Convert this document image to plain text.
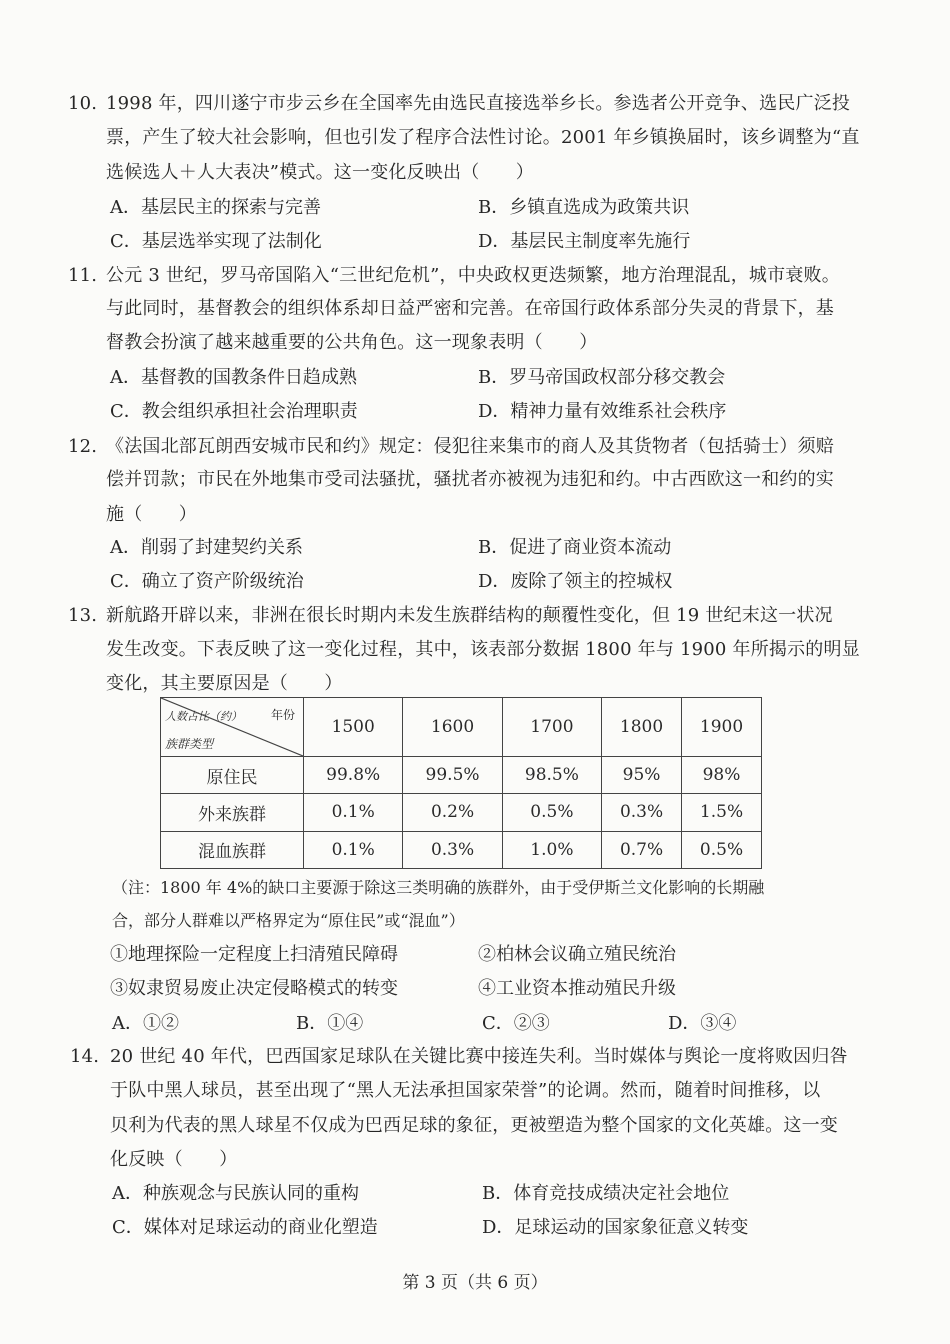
10. 1998 年，四川遂宁市步云乡在全国率先由选民直接选举乡长。参选者公开竞争、选民广泛投
票，产生了较大社会影响，但也引发了程序合法性讨论。2001 年乡镇换届时，该乡调整为“直
选候选人＋人大表决”模式。这一变化反映出（　　）
A．基层民主的探索与完善	B．乡镇直选成为政策共识
C．基层选举实现了法制化	D．基层民主制度率先施行
11. 公元 3 世纪，罗马帝国陷入“三世纪危机”，中央政权更迭频繁，地方治理混乱，城市衰败。
与此同时，基督教会的组织体系却日益严密和完善。在帝国行政体系部分失灵的背景下，基
督教会扮演了越来越重要的公共角色。这一现象表明（　　）
A．基督教的国教条件日趋成熟	B．罗马帝国政权部分移交教会
C．教会组织承担社会治理职责	D．精神力量有效维系社会秩序
12. 《法国北部瓦朗西安城市民和约》规定：侵犯往来集市的商人及其货物者（包括骑士）须赔
偿并罚款；市民在外地集市受司法骚扰，骚扰者亦被视为违犯和约。中古西欧这一和约的实
施（　　）
A．削弱了封建契约关系	B．促进了商业资本流动
C．确立了资产阶级统治	D．废除了领主的控城权
13. 新航路开辟以来，非洲在很长时期内未发生族群结构的颠覆性变化，但 19 世纪末这一状况
发生改变。下表反映了这一变化过程，其中，该表部分数据 1800 年与 1900 年所揭示的明显
变化，其主要原因是（　　）
人数占比（约） 年份
族群类型	1500	1600	1700	1800	1900
原住民	99.8%	99.5%	98.5%	95%	98%
外来族群	0.1%	0.2%	0.5%	0.3%	1.5%
混血族群	0.1%	0.3%	1.0%	0.7%	0.5%
（注：1800 年 4%的缺口主要源于除这三类明确的族群外，由于受伊斯兰文化影响的长期融
合，部分人群难以严格界定为“原住民”或“混血”）
①地理探险一定程度上扫清殖民障碍	②柏林会议确立殖民统治
③奴隶贸易废止决定侵略模式的转变	④工业资本推动殖民升级
A．①②	B．①④	C．②③	D．③④
14. 20 世纪 40 年代，巴西国家足球队在关键比赛中接连失利。当时媒体与舆论一度将败因归咎
于队中黑人球员，甚至出现了“黑人无法承担国家荣誉”的论调。然而，随着时间推移，以
贝利为代表的黑人球星不仅成为巴西足球的象征，更被塑造为整个国家的文化英雄。这一变
化反映（　　）
A．种族观念与民族认同的重构	B．体育竞技成绩决定社会地位
C．媒体对足球运动的商业化塑造	D．足球运动的国家象征意义转变
第 3 页（共 6 页）
